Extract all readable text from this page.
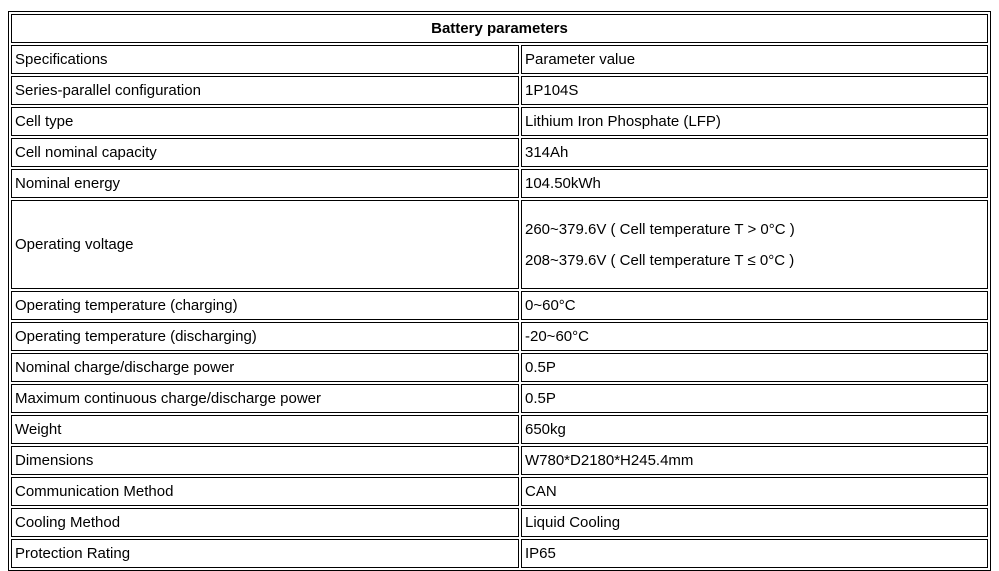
Battery parameters	
Specifications	Parameter value
Series-parallel configuration	1P104S
Cell type	Lithium Iron Phosphate (LFP)
Cell nominal capacity	314Ah
Nominal energy	104.50kWh
Operating voltage	260~379.6V ( Cell temperature T > 0°C )
208~379.6V ( Cell temperature T ≤ 0°C )

Operating temperature (charging)	0~60°C
Operating temperature (discharging)	-20~60°C
Nominal charge/discharge power	0.5P
Maximum continuous charge/discharge power	0.5P
Weight	650kg
Dimensions	W780*D2180*H245.4mm
Communication Method	CAN
Cooling Method	Liquid Cooling
Protection Rating	IP65
